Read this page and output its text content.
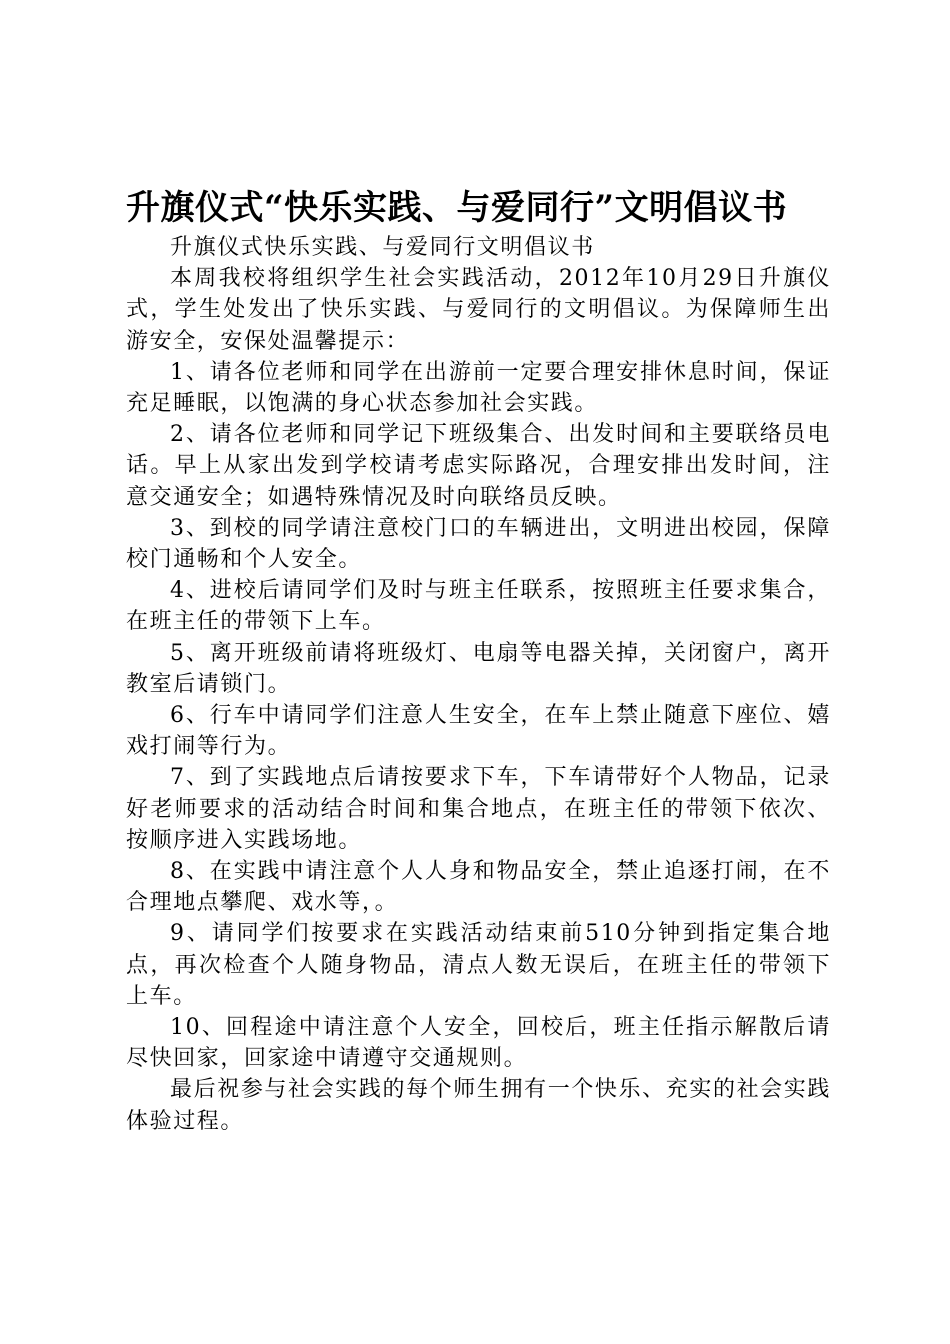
升旗仪式“快乐实践、与爱同行”文明倡议书

升旗仪式快乐实践、与爱同行文明倡议书

本周我校将组织学生社会实践活动，2012年10月29日升旗仪式，学生处发出了快乐实践、与爱同行的文明倡议。为保障师生出游安全，安保处温馨提示：

1、请各位老师和同学在出游前一定要合理安排休息时间，保证充足睡眠，以饱满的身心状态参加社会实践。

2、请各位老师和同学记下班级集合、出发时间和主要联络员电话。早上从家出发到学校请考虑实际路况，合理安排出发时间，注意交通安全；如遇特殊情况及时向联络员反映。

3、到校的同学请注意校门口的车辆进出，文明进出校园，保障校门通畅和个人安全。

4、进校后请同学们及时与班主任联系，按照班主任要求集合，在班主任的带领下上车。

5、离开班级前请将班级灯、电扇等电器关掉，关闭窗户，离开教室后请锁门。

6、行车中请同学们注意人生安全，在车上禁止随意下座位、嬉戏打闹等行为。

7、到了实践地点后请按要求下车，下车请带好个人物品，记录好老师要求的活动结合时间和集合地点，在班主任的带领下依次、按顺序进入实践场地。

8、在实践中请注意个人人身和物品安全，禁止追逐打闹，在不合理地点攀爬、戏水等，。

9、请同学们按要求在实践活动结束前510分钟到指定集合地点，再次检查个人随身物品，清点人数无误后，在班主任的带领下上车。

10、回程途中请注意个人安全，回校后，班主任指示解散后请尽快回家，回家途中请遵守交通规则。

最后祝参与社会实践的每个师生拥有一个快乐、充实的社会实践体验过程。
